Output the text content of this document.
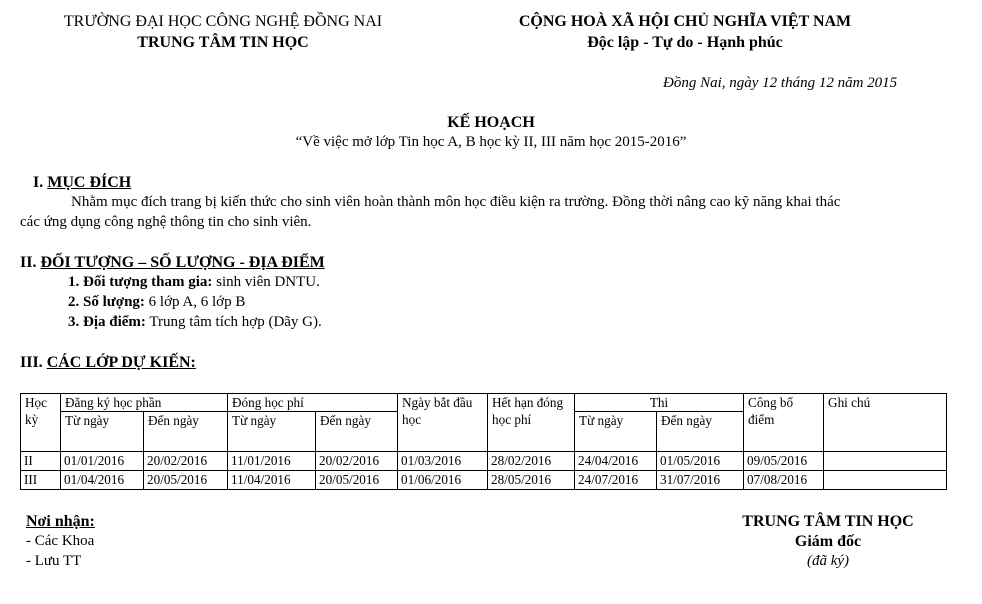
TRƯỜNG ĐẠI HỌC CÔNG NGHỆ ĐỒNG NAI
TRUNG TÂM TIN HỌC
CỘNG HOÀ XÃ HỘI CHỦ NGHĨA VIỆT NAM
Độc lập - Tự do - Hạnh phúc
Đồng Nai, ngày 12 tháng 12 năm 2015
KẾ HOẠCH
“Về việc mở lớp Tin học A, B học kỳ II, III năm học 2015-2016”
I. MỤC ĐÍCH
Nhằm mục đích trang bị kiến thức cho sinh viên hoàn thành môn học điều kiện ra trường. Đồng thời nâng cao kỹ năng khai thác
các ứng dụng công nghệ thông tin cho sinh viên.
II. ĐỐI TƯỢNG – SỐ LƯỢNG - ĐỊA ĐIỂM
1. Đối tượng tham gia: sinh viên DNTU.
2. Số lượng: 6 lớp A, 6 lớp B
3. Địa điểm: Trung tâm tích hợp (Dãy G).
III. CÁC LỚP DỰ KIẾN:
Học kỳ	Đăng ký học phần		Đóng học phí		Ngày bắt đầu học	Hết hạn đóng học phí	Thi		Công bố điểm	Ghi chú
	Từ ngày	Đến ngày	Từ ngày	Đến ngày			Từ ngày	Đến ngày		
II	01/01/2016	20/02/2016	11/01/2016	20/02/2016	01/03/2016	28/02/2016	24/04/2016	01/05/2016	09/05/2016	
III	01/04/2016	20/05/2016	11/04/2016	20/05/2016	01/06/2016	28/05/2016	24/07/2016	31/07/2016	07/08/2016	
Nơi nhận:
- Các Khoa
- Lưu TT
TRUNG TÂM TIN HỌC
Giám đốc
(đã ký)
